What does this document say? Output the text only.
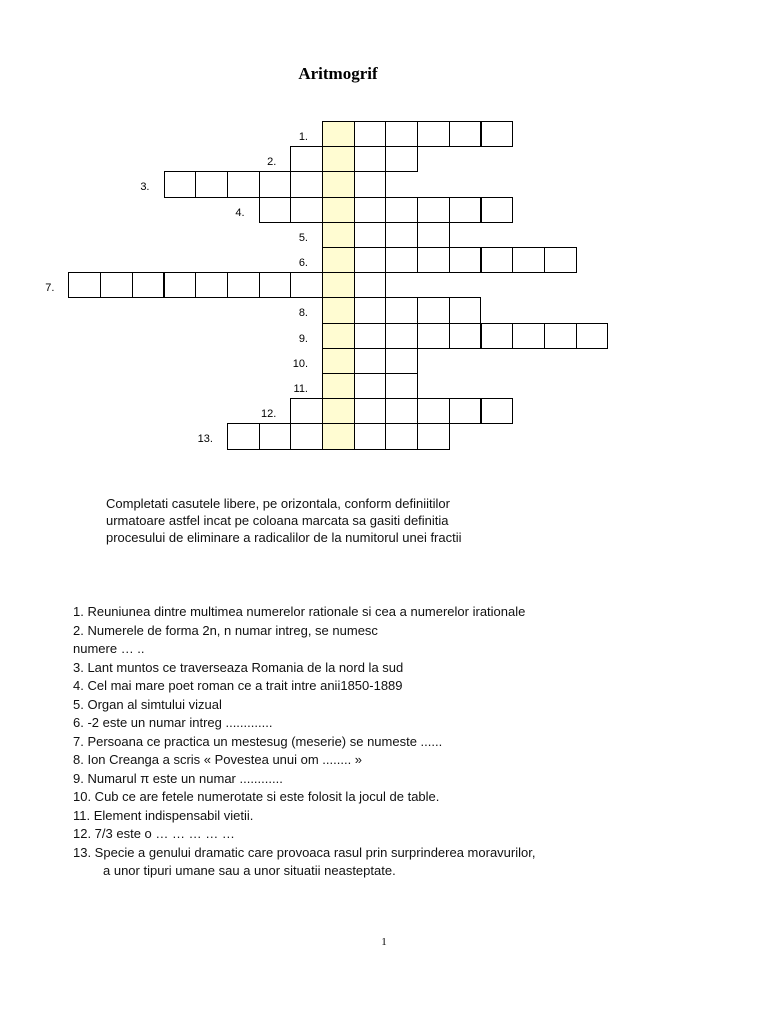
Aritmogrif
1.
2.
3.
4.
5.
6.
7.
8.
9.
10.
11.
12.
13.
Completati casutele libere, pe orizontala, conform definiitilor
urmatoare astfel incat pe coloana marcata sa gasiti definitia
procesului de eliminare a radicalilor de la numitorul unei fractii
1. Reuniunea dintre multimea numerelor rationale si cea a numerelor irationale
2. Numerele de forma 2n, n numar intreg, se numesc
numere … ..
3. Lant muntos ce traverseaza Romania de la nord la sud
4. Cel mai mare poet roman ce a trait intre anii1850-1889
5. Organ al simtului vizual
6. -2 este un numar intreg .............
7. Persoana ce practica un mestesug (meserie) se numeste ......
8. Ion Creanga a scris « Povestea unui om ........ »
9. Numarul π este un numar ............
10. Cub ce are fetele numerotate si este folosit la jocul de table.
11. Element indispensabil vietii.
12. 7/3 este o … … … … …
13. Specie a genului dramatic care provoaca rasul prin surprinderea moravurilor,
a unor tipuri umane sau a unor situatii neasteptate.
1
